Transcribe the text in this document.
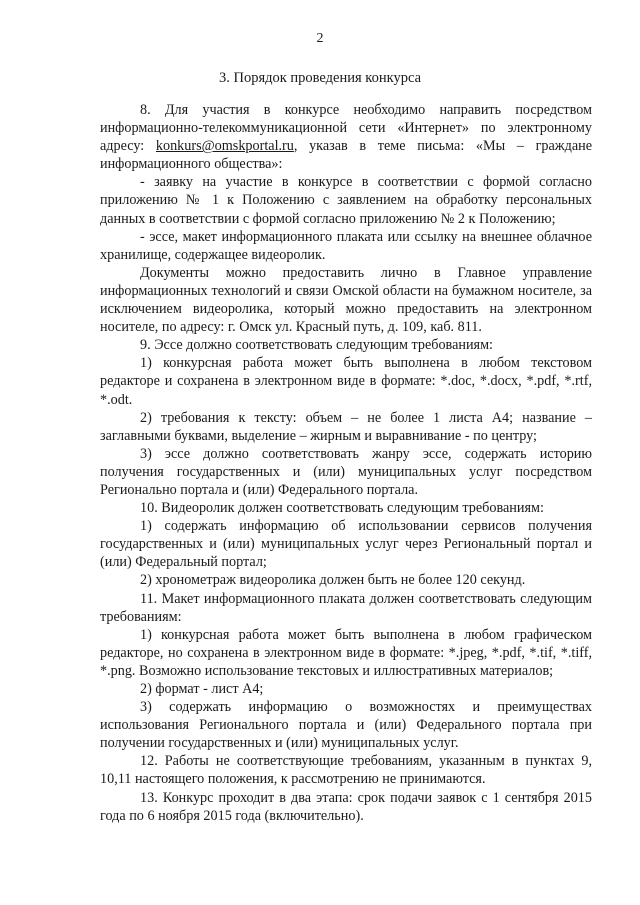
2
3. Порядок проведения конкурса

8. Для участия в конкурсе необходимо направить посредством информационно-телекоммуникационной сети «Интернет» по электронному адресу: konkurs@omskportal.ru, указав в теме письма: «Мы – граждане информационного общества»:

- заявку на участие в конкурсе в соответствии с формой согласно приложению № 1 к Положению с заявлением на обработку персональных данных в соответствии с формой согласно приложению № 2 к Положению;

- эссе, макет информационного плаката или ссылку на внешнее облачное хранилище, содержащее видеоролик.

Документы можно предоставить лично в Главное управление информационных технологий и связи Омской области на бумажном носителе, за исключением видеоролика, который можно предоставить на электронном носителе, по адресу: г. Омск ул. Красный путь, д. 109, каб. 811.

9. Эссе должно соответствовать следующим требованиям:

1) конкурсная работа может быть выполнена в любом текстовом редакторе и сохранена в электронном виде в формате: *.doc, *.docx, *.pdf, *.rtf, *.odt.

2) требования к тексту: объем – не более 1 листа А4; название – заглавными буквами, выделение – жирным и выравнивание - по центру;

3) эссе должно соответствовать жанру эссе, содержать историю получения государственных и (или) муниципальных услуг посредством Регионально портала и (или) Федерального портала.

10. Видеоролик должен соответствовать следующим требованиям:

1) содержать информацию об использовании сервисов получения государственных и (или) муниципальных услуг через Региональный портал и (или) Федеральный портал;

2) хронометраж видеоролика должен быть не более 120 секунд.

11. Макет информационного плаката должен соответствовать следующим требованиям:

1) конкурсная работа может быть выполнена в любом графическом редакторе, но сохранена в электронном виде в формате: *.jpeg, *.pdf, *.tif, *.tiff, *.png. Возможно использование текстовых и иллюстративных материалов;

2) формат - лист А4;

3) содержать информацию о возможностях и преимуществах использования Регионального портала и (или) Федерального портала при получении государственных и (или) муниципальных услуг.

12. Работы не соответствующие требованиям, указанным в пунктах 9, 10,11 настоящего положения, к рассмотрению не принимаются.

13. Конкурс проходит в два этапа: срок подачи заявок с 1 сентября 2015 года по 6 ноября 2015 года (включительно).
